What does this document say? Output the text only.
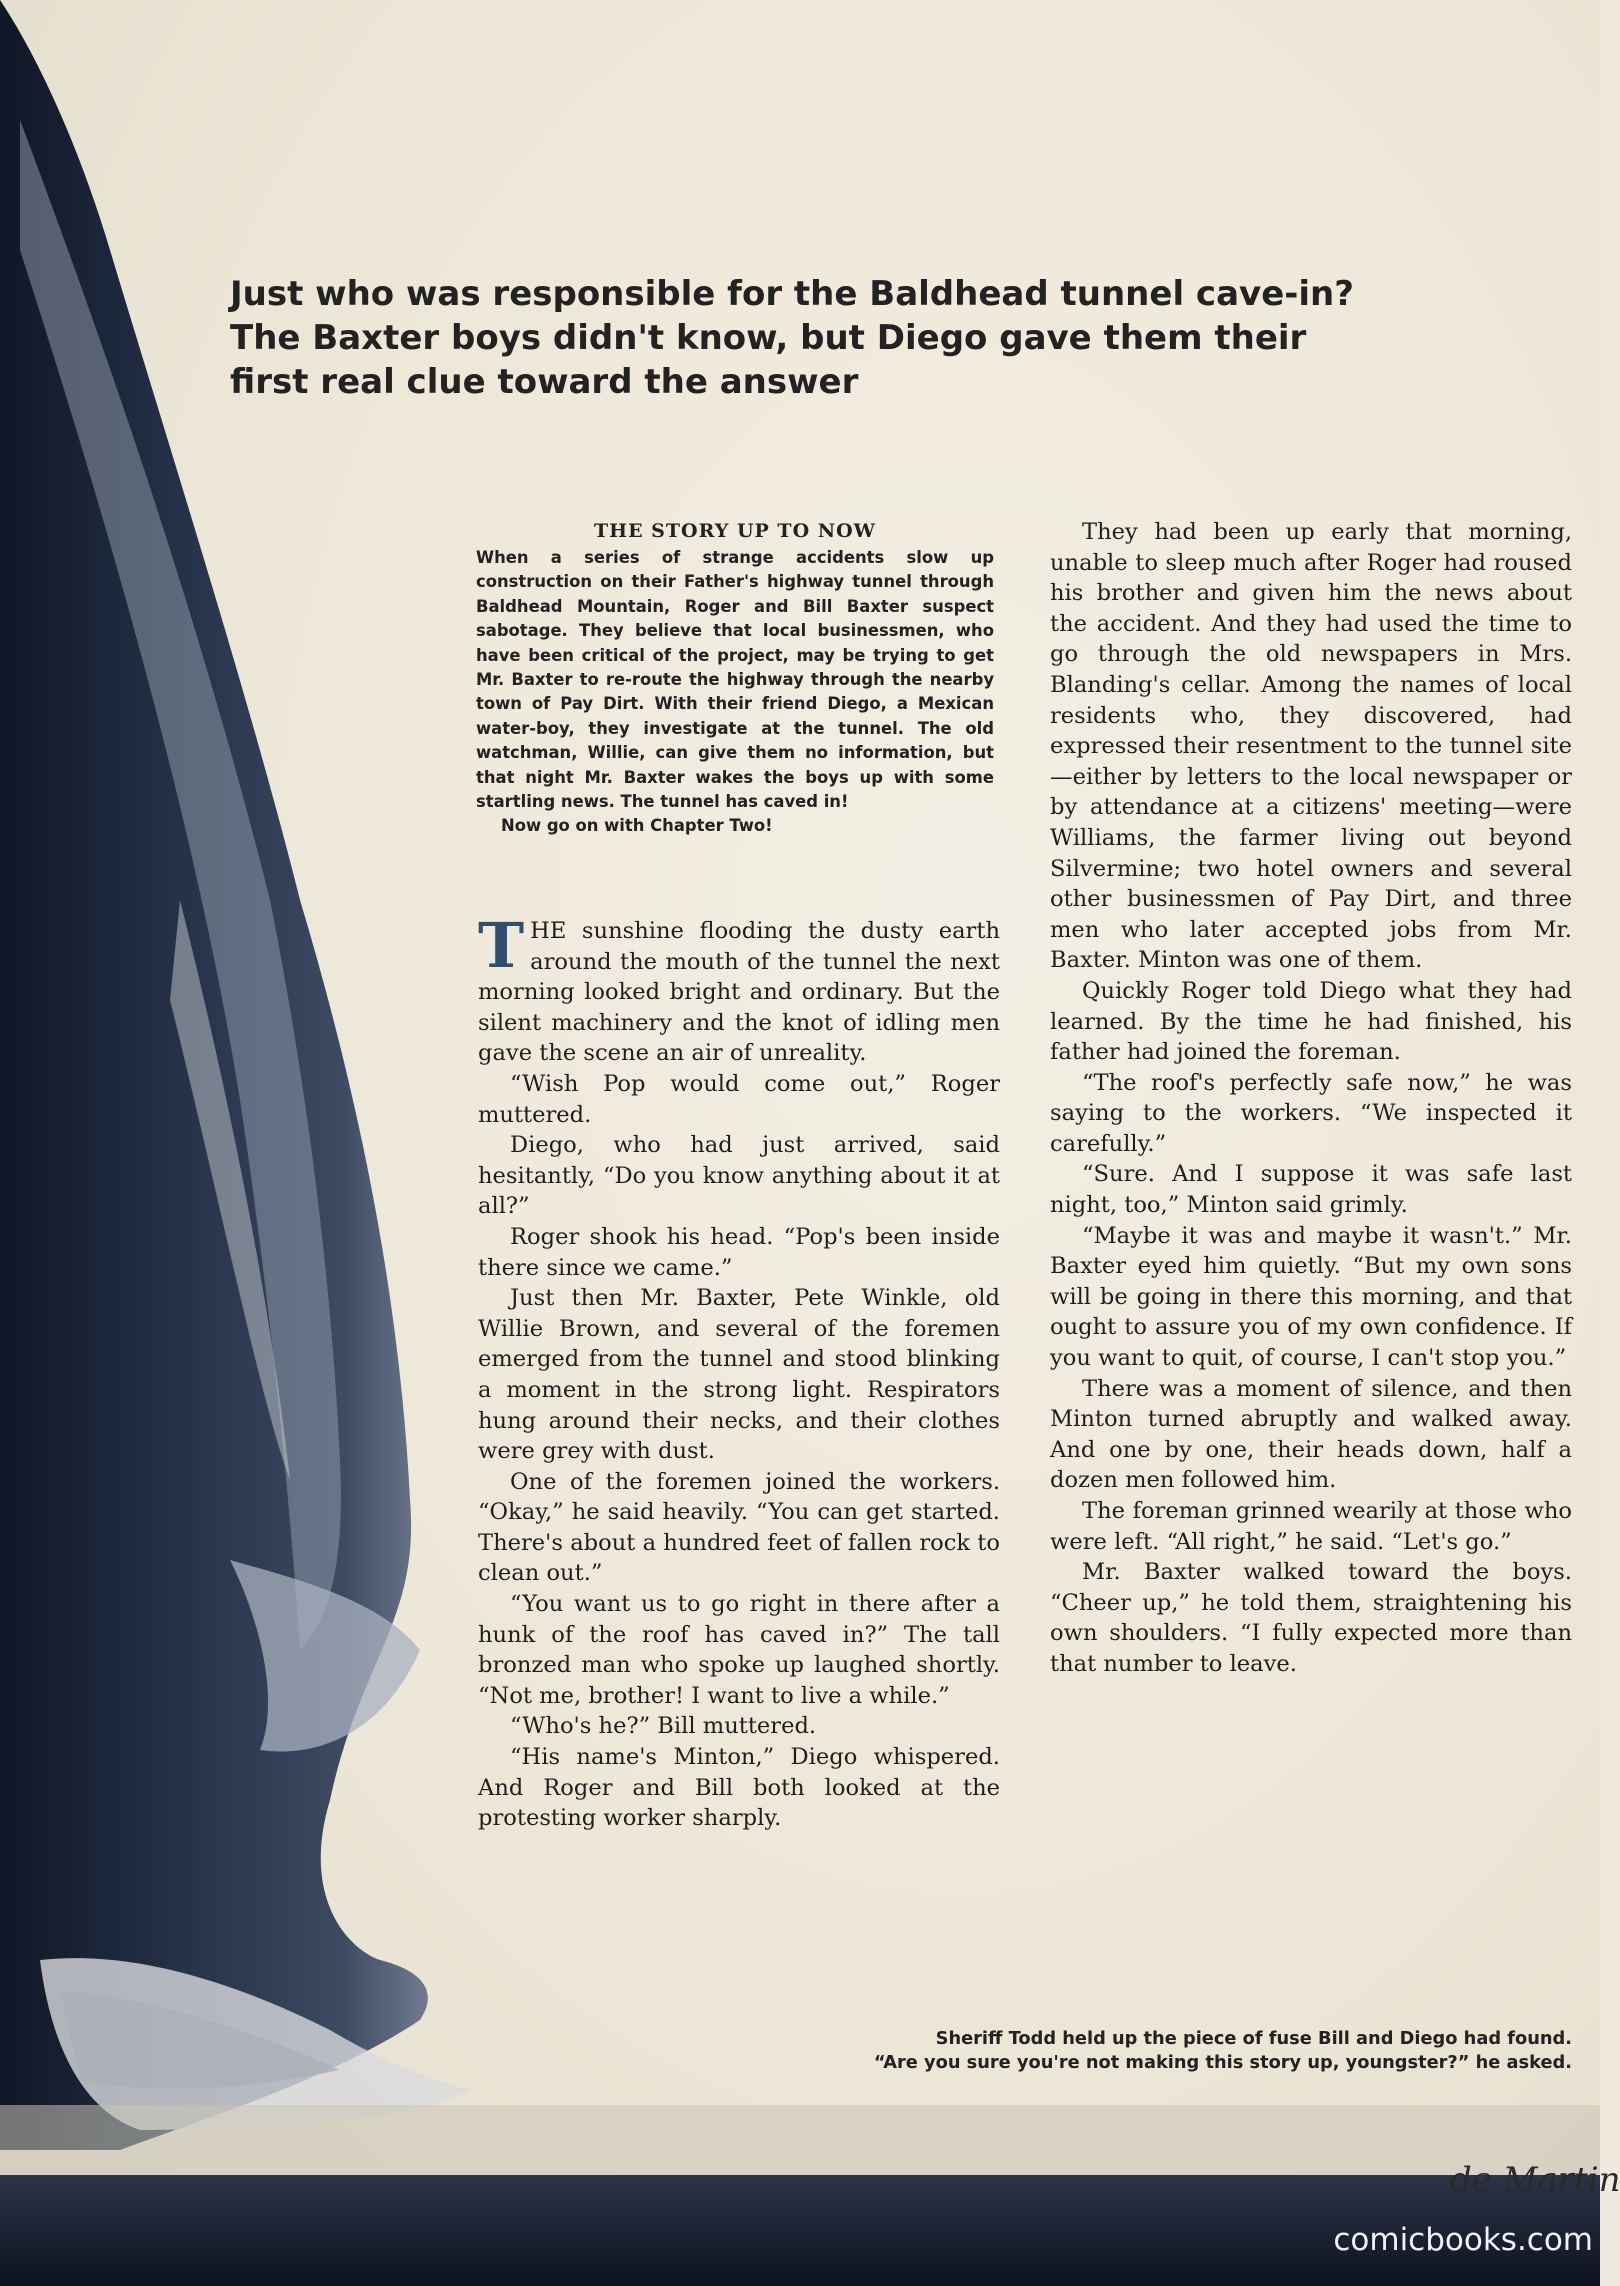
Just who was responsible for the Baldhead tunnel cave-in? The Baxter boys didn't know, but Diego gave them their first real clue toward the answer
THE STORY UP TO NOW

When a series of strange accidents slow up construction on their Father's highway tunnel through Baldhead Mountain, Roger and Bill Baxter suspect sabotage. They believe that local businessmen, who have been critical of the project, may be trying to get Mr. Baxter to re-route the highway through the nearby town of Pay Dirt. With their friend Diego, a Mexican water-boy, they investigate at the tunnel. The old watchman, Willie, can give them no information, but that night Mr. Baxter wakes the boys up with some startling news. The tunnel has caved in!

Now go on with Chapter Two!

THE sunshine flooding the dusty earth around the mouth of the tunnel the next morning looked bright and ordinary. But the silent machinery and the knot of idling men gave the scene an air of unreality.

“Wish Pop would come out,” Roger muttered.

Diego, who had just arrived, said hesitantly, “Do you know anything about it at all?”

Roger shook his head. “Pop's been inside there since we came.”

Just then Mr. Baxter, Pete Winkle, old Willie Brown, and several of the foremen emerged from the tunnel and stood blinking a moment in the strong light. Respirators hung around their necks, and their clothes were grey with dust.

One of the foremen joined the workers. “Okay,” he said heavily. “You can get started. There's about a hundred feet of fallen rock to clean out.”

“You want us to go right in there after a hunk of the roof has caved in?” The tall bronzed man who spoke up laughed shortly. “Not me, brother! I want to live a while.”

“Who's he?” Bill muttered.

“His name's Minton,” Diego whispered. And Roger and Bill both looked at the protesting worker sharply.

They had been up early that morning, unable to sleep much after Roger had roused his brother and given him the news about the accident. And they had used the time to go through the old newspapers in Mrs. Blanding's cellar. Among the names of local residents who, they discovered, had expressed their resentment to the tunnel site—either by letters to the local newspaper or by attendance at a citizens' meeting—were Williams, the farmer living out beyond Silvermine; two hotel owners and several other businessmen of Pay Dirt, and three men who later accepted jobs from Mr. Baxter. Minton was one of them.

Quickly Roger told Diego what they had learned. By the time he had finished, his father had joined the foreman.

“The roof's perfectly safe now,” he was saying to the workers. “We inspected it carefully.”

“Sure. And I suppose it was safe last night, too,” Minton said grimly.

“Maybe it was and maybe it wasn't.” Mr. Baxter eyed him quietly. “But my own sons will be going in there this morning, and that ought to assure you of my own confidence. If you want to quit, of course, I can't stop you.”

There was a moment of silence, and then Minton turned abruptly and walked away. And one by one, their heads down, half a dozen men followed him.

The foreman grinned wearily at those who were left. “All right,” he said. “Let's go.”

Mr. Baxter walked toward the boys. “Cheer up,” he told them, straightening his own shoulders. “I fully expected more than that number to leave.

Sheriff Todd held up the piece of fuse Bill and Diego had found.
“Are you sure you're not making this story up, youngster?” he asked.
de Martin
comicbooks.com
